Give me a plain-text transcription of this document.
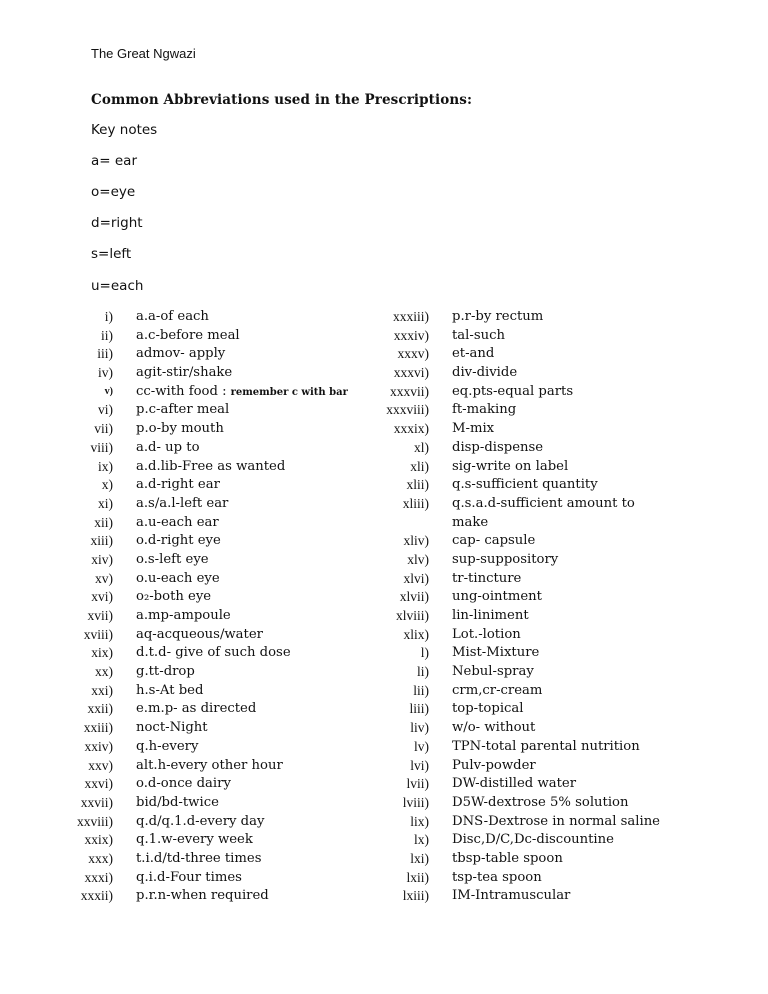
The Great Ngwazi
Common Abbreviations used in the Prescriptions:
Key notes
a= ear
o=eye
d=right
s=left
u=each
i) a.a-of each
ii) a.c-before meal
iii) admov- apply
iv) agit-stir/shake
v) cc-with food : remember c with bar
vi) p.c-after meal
vii) p.o-by mouth
viii) a.d- up to
ix) a.d.lib-Free as wanted
x) a.d-right ear
xi) a.s/a.l-left ear
xii) a.u-each ear
xiii) o.d-right eye
xiv) o.s-left eye
xv) o.u-each eye
xvi) o₂-both eye
xvii) a.mp-ampoule
xviii) aq-acqueous/water
xix) d.t.d- give of such dose
xx) g.tt-drop
xxi) h.s-At bed
xxii) e.m.p- as directed
xxiii) noct-Night
xxiv) q.h-every
xxv) alt.h-every other hour
xxvi) o.d-once dairy
xxvii) bid/bd-twice
xxviii) q.d/q.1.d-every day
xxix) q.1.w-every week
xxx) t.i.d/td-three times
xxxi) q.i.d-Four times
xxxii) p.r.n-when required
xxxiii) p.r-by rectum
xxxiv) tal-such
xxxv) et-and
xxxvi) div-divide
xxxvii) eq.pts-equal parts
xxxviii) ft-making
xxxix) M-mix
xl) disp-dispense
xli) sig-write on label
xlii) q.s-sufficient quantity
xliii) q.s.a.d-sufficient amount to
make
xliv) cap- capsule
xlv) sup-suppository
xlvi) tr-tincture
xlvii) ung-ointment
xlviii) lin-liniment
xlix) Lot.-lotion
l) Mist-Mixture
li) Nebul-spray
lii) crm,cr-cream
liii) top-topical
liv) w/o- without
lv) TPN-total parental nutrition
lvi) Pulv-powder
lvii) DW-distilled water
lviii) D5W-dextrose 5% solution
lix) DNS-Dextrose in normal saline
lx) Disc,D/C,Dc-discountine
lxi) tbsp-table spoon
lxii) tsp-tea spoon
lxiii) IM-Intramuscular
